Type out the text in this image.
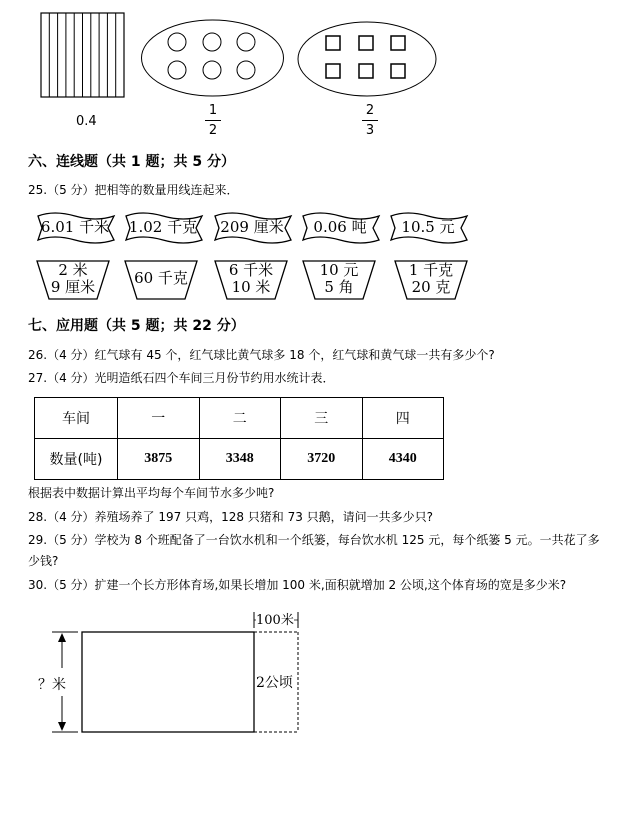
0.4
1
2
2
3
六、连线题（共 1 题；共 5 分）
25.（5 分）把相等的数量用线连起来．
6.01 千米	1.02 千克	209 厘米	0.06 吨	10.5 元
2 米
9 厘米	60 千克	6 千米
10 米
10 元
5 角
1 千克
20 克
七、应用题（共 5 题；共 22 分）
26.（4 分）红气球有 45 个，红气球比黄气球多 18 个，红气球和黄气球一共有多少个?
27.（4 分）光明造纸石四个车间三月份节约用水统计表．
车间	一	二	三	四
数量(吨)	3875	3348	3720	4340
根据表中数据计算出平均每个车间节水多少吨?
28.（4 分）养殖场养了 197 只鸡，128 只猪和 73 只鹅，请问一共多少只?
29.（5 分）学校为 8 个班配备了一台饮水机和一个纸篓，每台饮水机 125 元，每个纸篓 5 元。一共花了多
少钱?
30.（5 分）扩建一个长方形体育场,如果长增加 100 米,面积就增加 2 公顷,这个体育场的宽是多少米?
100米
？米	2公顷
